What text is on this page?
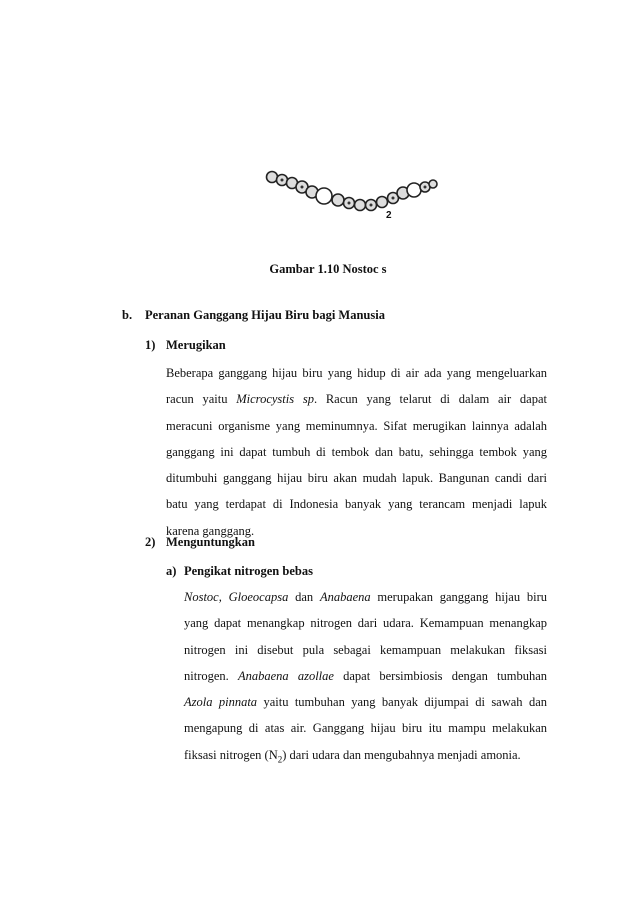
2
Gambar 1.10 Nostoc s
b. Peranan Ganggang Hijau Biru bagi Manusia
1) Merugikan
Beberapa ganggang hijau biru yang hidup di air ada yang mengeluarkan
racun yaitu Microcystis sp. Racun yang telarut di dalam air dapat
meracuni organisme yang meminumnya. Sifat merugikan lainnya adalah
ganggang ini dapat tumbuh di tembok dan batu, sehingga tembok yang
ditumbuhi ganggang hijau biru akan mudah lapuk. Bangunan candi dari
batu yang terdapat di Indonesia banyak yang terancam menjadi lapuk
karena ganggang.
2) Menguntungkan
a) Pengikat nitrogen bebas
Nostoc, Gloeocapsa dan Anabaena merupakan ganggang hijau biru
yang dapat menangkap nitrogen dari udara. Kemampuan menangkap
nitrogen ini disebut pula sebagai kemampuan melakukan fiksasi
nitrogen. Anabaena azollae dapat bersimbiosis dengan tumbuhan
Azola pinnata yaitu tumbuhan yang banyak dijumpai di sawah dan
mengapung di atas air. Ganggang hijau biru itu mampu melakukan
fiksasi nitrogen $(N_2)$ dari udara dan mengubahnya menjadi amonia.
